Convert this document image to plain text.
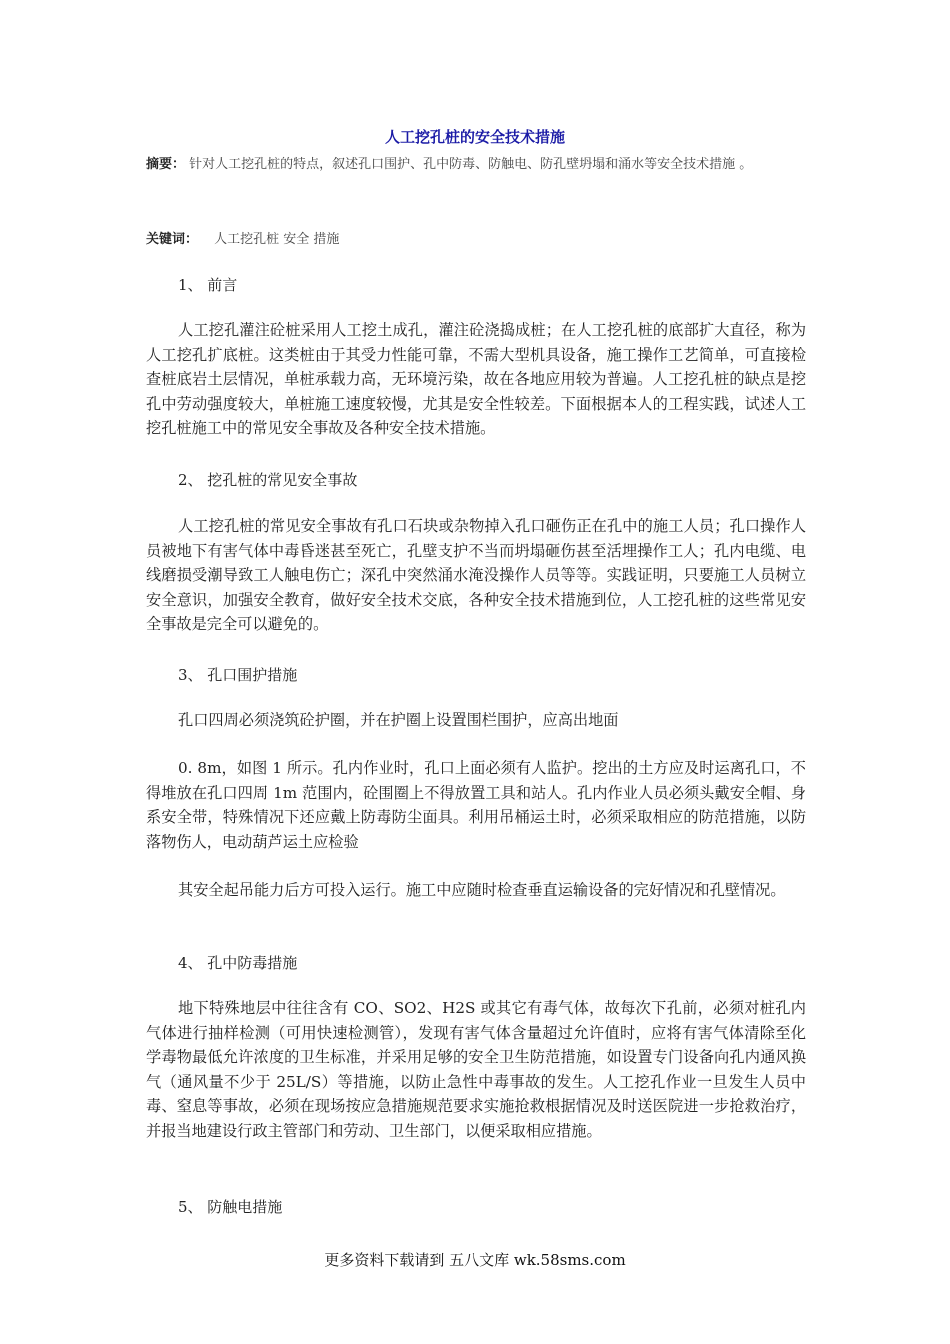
人工挖孔桩的安全技术措施
摘要： 针对人工挖孔桩的特点，叙述孔口围护、孔中防毒、防触电、防孔壁坍塌和涌水等安全技术措施 。
关键词： 人工挖孔桩 安全 措施
1、 前言
人工挖孔灌注砼桩采用人工挖土成孔，灌注砼浇捣成桩；在人工挖孔桩的底部扩大直径，称为人工挖孔扩底桩。这类桩由于其受力性能可靠，不需大型机具设备，施工操作工艺简单，可直接检查桩底岩土层情况，单桩承载力高，无环境污染，故在各地应用较为普遍。人工挖孔桩的缺点是挖孔中劳动强度较大，单桩施工速度较慢，尤其是安全性较差。下面根据本人的工程实践，试述人工挖孔桩施工中的常见安全事故及各种安全技术措施。
2、 挖孔桩的常见安全事故
人工挖孔桩的常见安全事故有孔口石块或杂物掉入孔口砸伤正在孔中的施工人员；孔口操作人员被地下有害气体中毒昏迷甚至死亡，孔壁支护不当而坍塌砸伤甚至活埋操作工人；孔内电缆、电线磨损受潮导致工人触电伤亡；深孔中突然涌水淹没操作人员等等。实践证明，只要施工人员树立安全意识，加强安全教育，做好安全技术交底，各种安全技术措施到位，人工挖孔桩的这些常见安全事故是完全可以避免的。
3、 孔口围护措施
孔口四周必须浇筑砼护圈，并在护圈上设置围栏围护，应高出地面
0. 8m，如图 1 所示。孔内作业时，孔口上面必须有人监护。挖出的土方应及时运离孔口，不得堆放在孔口四周 1m 范围内，砼围圈上不得放置工具和站人。孔内作业人员必须头戴安全帽、身系安全带，特殊情况下还应戴上防毒防尘面具。利用吊桶运土时，必须采取相应的防范措施，以防落物伤人，电动葫芦运土应检验
其安全起吊能力后方可投入运行。施工中应随时检查垂直运输设备的完好情况和孔壁情况。
4、 孔中防毒措施
地下特殊地层中往往含有 CO、SO2、H2S 或其它有毒气体，故每次下孔前，必须对桩孔内气体进行抽样检测（可用快速检测管），发现有害气体含量超过允许值时，应将有害气体清除至化学毒物最低允许浓度的卫生标准，并采用足够的安全卫生防范措施，如设置专门设备向孔内通风换气（通风量不少于 25L/S）等措施，以防止急性中毒事故的发生。人工挖孔作业一旦发生人员中毒、窒息等事故，必须在现场按应急措施规范要求实施抢救根据情况及时送医院进一步抢救治疗，并报当地建设行政主管部门和劳动、卫生部门，以便采取相应措施。
5、 防触电措施
更多资料下载请到 五八文库 wk.58sms.com
